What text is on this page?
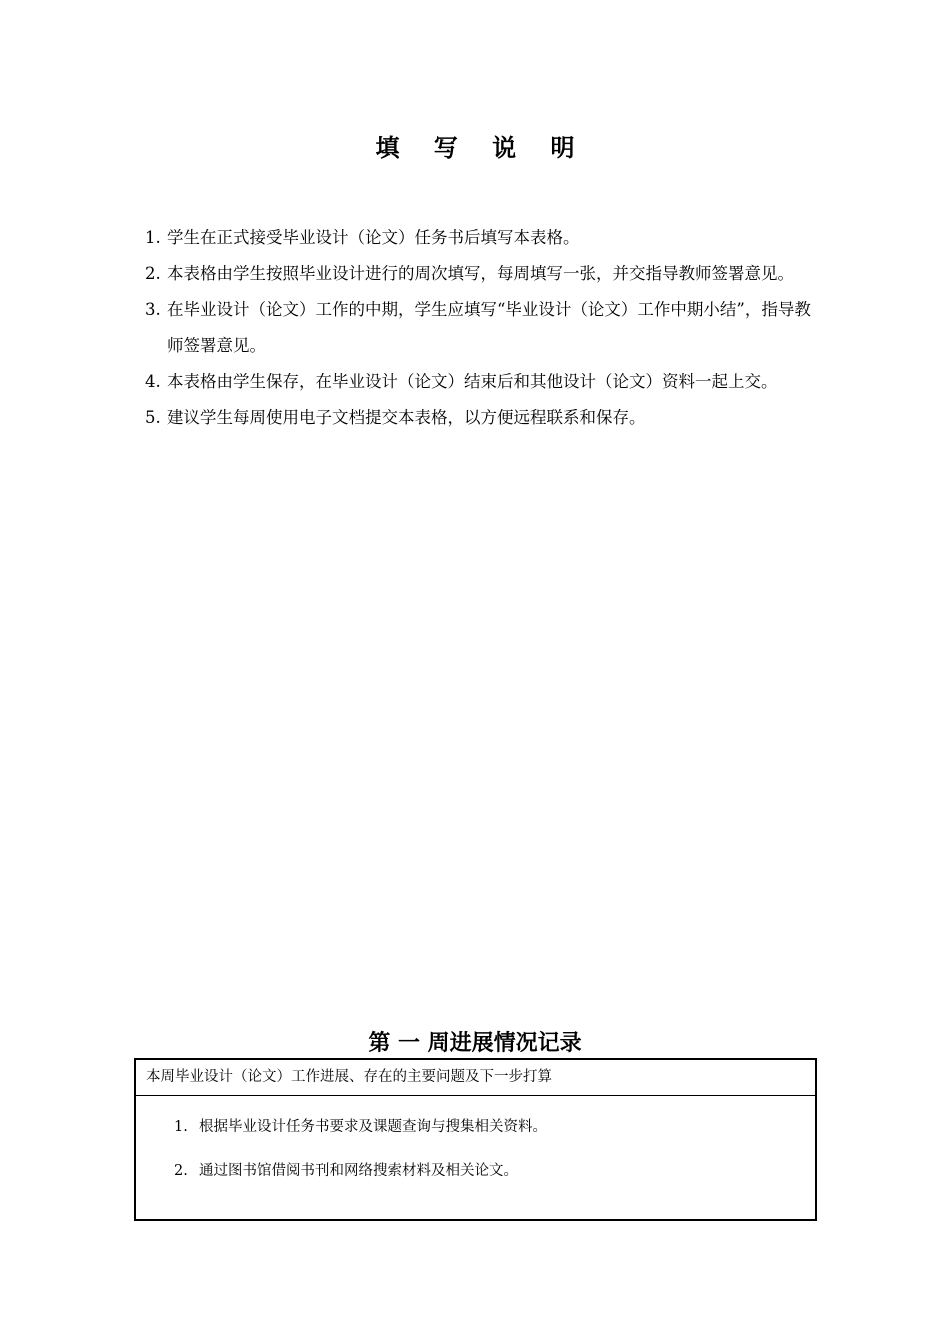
填 写 说 明
1. 学生在正式接受毕业设计（论文）任务书后填写本表格。
2. 本表格由学生按照毕业设计进行的周次填写，每周填写一张，并交指导教师签署意见。
3. 在毕业设计（论文）工作的中期，学生应填写“毕业设计（论文）工作中期小结”，指导教师签署意见。
4. 本表格由学生保存，在毕业设计（论文）结束后和其他设计（论文）资料一起上交。
5. 建议学生每周使用电子文档提交本表格，以方便远程联系和保存。
第 一 周进展情况记录
本周毕业设计（论文）工作进展、存在的主要问题及下一步打算
1. 根据毕业设计任务书要求及课题查询与搜集相关资料。
2. 通过图书馆借阅书刊和网络搜索材料及相关论文。
